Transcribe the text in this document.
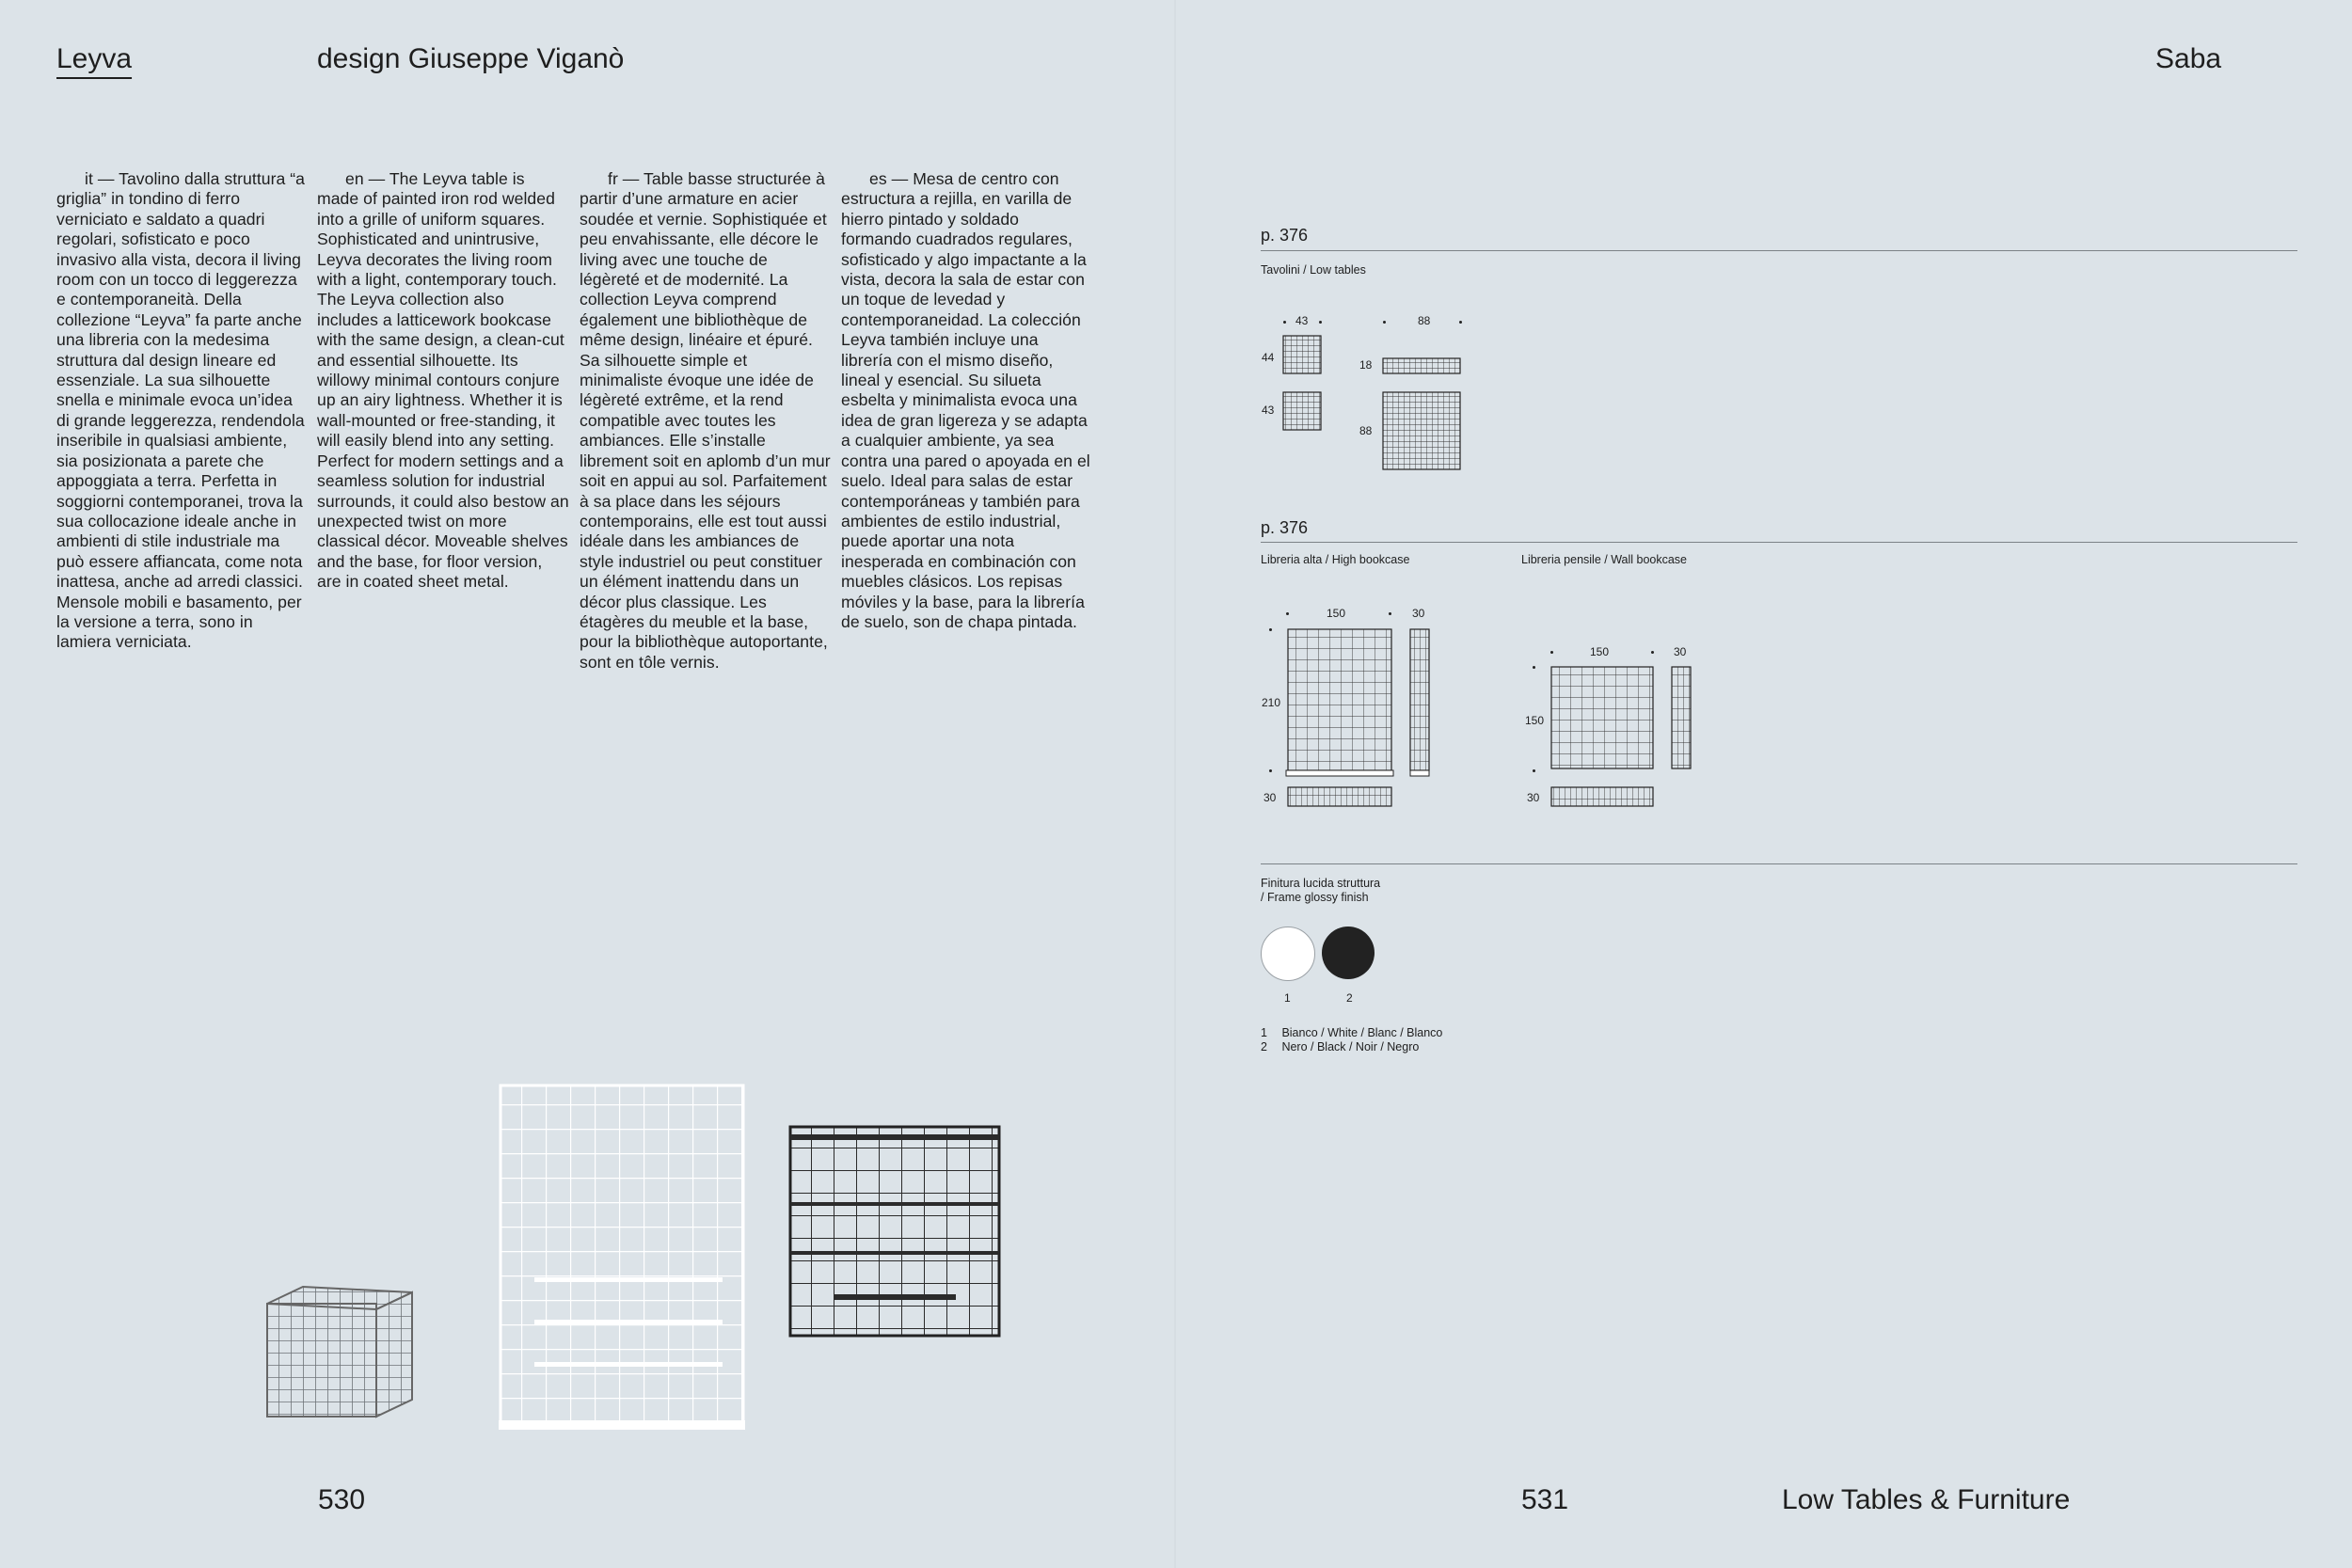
Leyva	design Giuseppe Viganò	Saba

it — Tavolino dalla struttura “a griglia” in tondino di ferro verniciato e saldato a quadri regolari, sofisticato e poco invasivo alla vista, decora il living room con un tocco di leggerezza e contemporaneità. Della collezione “Leyva” fa parte anche una libreria con la medesima struttura dal design lineare ed essenziale. La sua silhouette snella e minimale evoca un’idea di grande leggerezza, rendendola inseribile in qualsiasi ambiente, sia posizionata a parete che appoggiata a terra. Perfetta in soggiorni contemporanei, trova la sua collocazione ideale anche in ambienti di stile industriale ma può essere affiancata, come nota inattesa, anche ad arredi classici. Mensole mobili e basamento, per la versione a terra, sono in lamiera verniciata.

en — The Leyva table is made of painted iron rod welded into a grille of uniform squares. Sophisticated and unintrusive, Leyva decorates the living room with a light, contemporary touch. The Leyva collection also includes a latticework bookcase with the same design, a clean-cut and essential silhouette. Its willowy minimal contours conjure up an airy lightness. Whether it is wall-mounted or free-standing, it will easily blend into any setting. Perfect for modern settings and a seamless solution for industrial surrounds, it could also bestow an unexpected twist on more classical décor. Moveable shelves and the base, for floor version, are in coated sheet metal.

fr — Table basse structurée à partir d’une armature en acier soudée et vernie. Sophistiquée et peu envahissante, elle décore le living avec une touche de légèreté et de modernité. La collection Leyva comprend également une bibliothèque de même design, linéaire et épuré. Sa silhouette simple et minimaliste évoque une idée de légèreté extrême, et la rend compatible avec toutes les ambiances. Elle s’installe librement soit en aplomb d’un mur soit en appui au sol. Parfaitement à sa place dans les séjours contemporains, elle est tout aussi idéale dans les ambiances de style industriel ou peut constituer un élément inattendu dans un décor plus classique. Les étagères du meuble et la base, pour la bibliothèque autoportante, sont en tôle vernis.

es — Mesa de centro con estructura a rejilla, en varilla de hierro pintado y soldado formando cuadrados regulares, sofisticado y algo impactante a la vista, decora la sala de estar con un toque de levedad y contemporaneidad. La colección Leyva también incluye una librería con el mismo diseño, lineal y esencial. Su silueta esbelta y minimalista evoca una idea de gran ligereza y se adapta a cualquier ambiente, ya sea contra una pared o apoyada en el suelo. Ideal para salas de estar contemporáneas y también para ambientes de estilo industrial, puede aportar una nota inesperada en combinación con muebles clásicos. Los repisas móviles y la base, para la librería de suelo, son de chapa pintada.

530	531	Low Tables & Furniture
p. 376
Tavolini / Low tables
43	88
44
43
18
88
p. 376
Libreria alta / High bookcase	Libreria pensile / Wall bookcase
150	30
210
30
150	30
150
30
Finitura lucida struttura
/ Frame glossy finish
1	2
1 Bianco / White / Blanc / Blanco
2 Nero / Black / Noir / Negro
